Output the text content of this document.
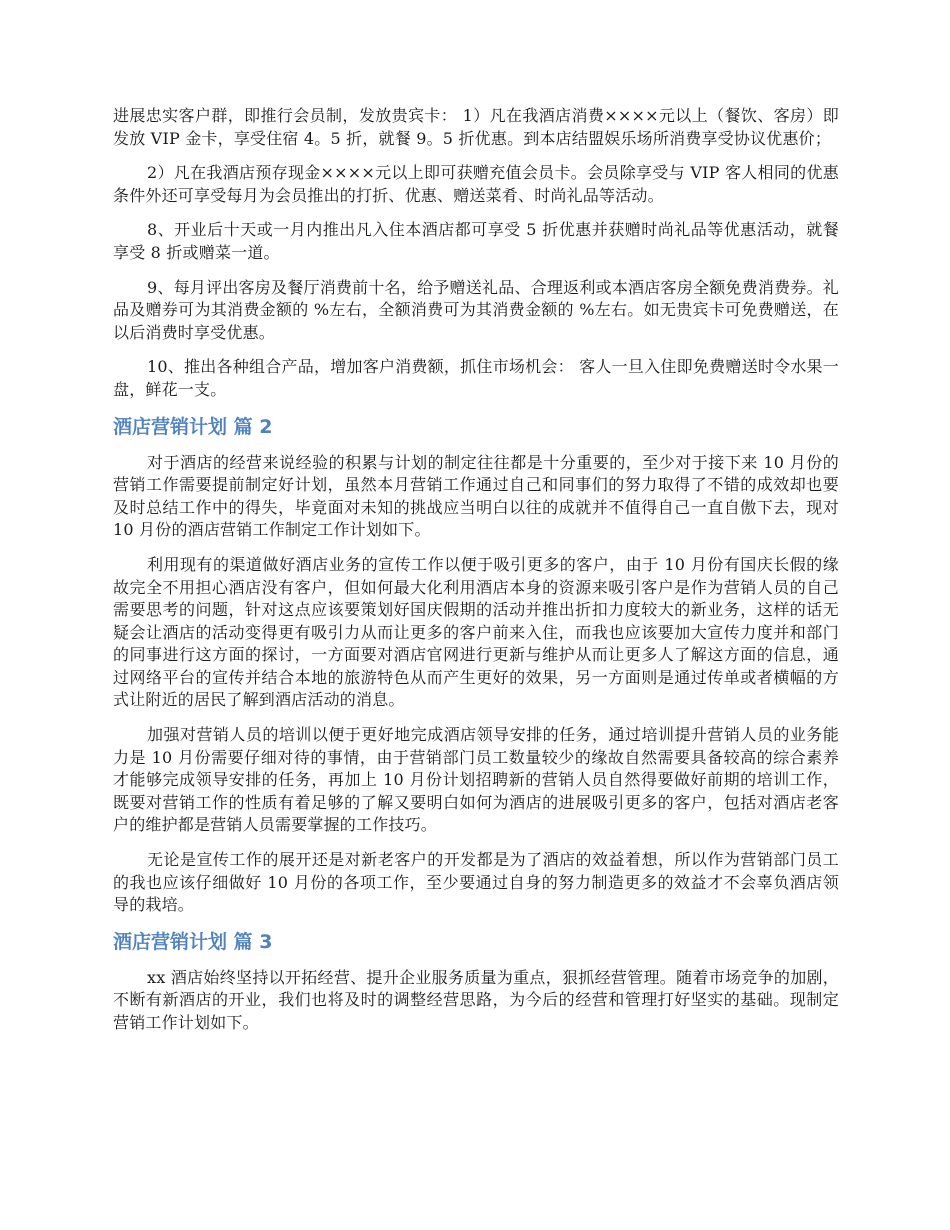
进展忠实客户群，即推行会员制，发放贵宾卡： 1）凡在我酒店消费××××元以上（餐饮、客房）即发放 VIP 金卡，享受住宿 4。5 折，就餐 9。5 折优惠。到本店结盟娱乐场所消费享受协议优惠价；

2）凡在我酒店预存现金××××元以上即可获赠充值会员卡。会员除享受与 VIP 客人相同的优惠条件外还可享受每月为会员推出的打折、优惠、赠送菜肴、时尚礼品等活动。

8、开业后十天或一月内推出凡入住本酒店都可享受 5 折优惠并获赠时尚礼品等优惠活动，就餐享受 8 折或赠菜一道。

9、每月评出客房及餐厅消费前十名，给予赠送礼品、合理返利或本酒店客房全额免费消费券。礼品及赠券可为其消费金额的 %左右，全额消费可为其消费金额的 %左右。如无贵宾卡可免费赠送，在以后消费时享受优惠。

10、推出各种组合产品，增加客户消费额，抓住市场机会： 客人一旦入住即免费赠送时令水果一盘，鲜花一支。

酒店营销计划 篇 2

对于酒店的经营来说经验的积累与计划的制定往往都是十分重要的，至少对于接下来 10 月份的营销工作需要提前制定好计划，虽然本月营销工作通过自己和同事们的努力取得了不错的成效却也要及时总结工作中的得失，毕竟面对未知的挑战应当明白以往的成就并不值得自己一直自傲下去，现对 10 月份的酒店营销工作制定工作计划如下。

利用现有的渠道做好酒店业务的宣传工作以便于吸引更多的客户，由于 10 月份有国庆长假的缘故完全不用担心酒店没有客户，但如何最大化利用酒店本身的资源来吸引客户是作为营销人员的自己需要思考的问题，针对这点应该要策划好国庆假期的活动并推出折扣力度较大的新业务，这样的话无疑会让酒店的活动变得更有吸引力从而让更多的客户前来入住，而我也应该要加大宣传力度并和部门的同事进行这方面的探讨，一方面要对酒店官网进行更新与维护从而让更多人了解这方面的信息，通过网络平台的宣传并结合本地的旅游特色从而产生更好的效果，另一方面则是通过传单或者横幅的方式让附近的居民了解到酒店活动的消息。

加强对营销人员的培训以便于更好地完成酒店领导安排的任务，通过培训提升营销人员的业务能力是 10 月份需要仔细对待的事情，由于营销部门员工数量较少的缘故自然需要具备较高的综合素养才能够完成领导安排的任务，再加上 10 月份计划招聘新的营销人员自然得要做好前期的培训工作，既要对营销工作的性质有着足够的了解又要明白如何为酒店的进展吸引更多的客户，包括对酒店老客户的维护都是营销人员需要掌握的工作技巧。

无论是宣传工作的展开还是对新老客户的开发都是为了酒店的效益着想，所以作为营销部门员工的我也应该仔细做好 10 月份的各项工作，至少要通过自身的努力制造更多的效益才不会辜负酒店领导的栽培。

酒店营销计划 篇 3

xx 酒店始终坚持以开拓经营、提升企业服务质量为重点，狠抓经营管理。随着市场竞争的加剧，不断有新酒店的开业，我们也将及时的调整经营思路，为今后的经营和管理打好坚实的基础。现制定营销工作计划如下。
